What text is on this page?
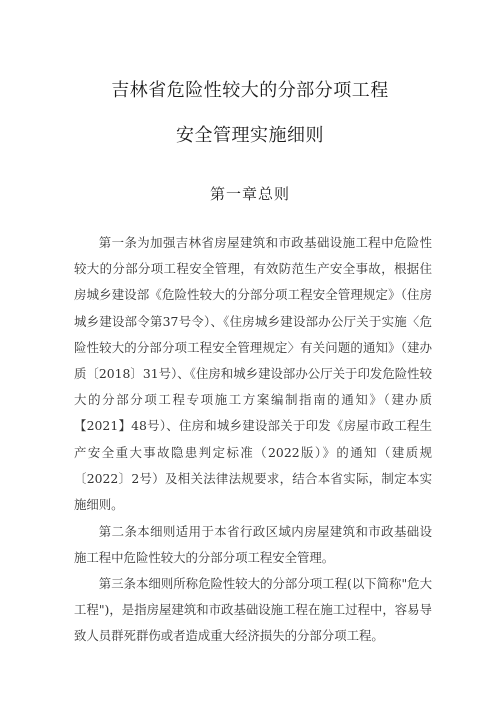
吉林省危险性较大的分部分项工程
安全管理实施细则
第一章总则

第一条为加强吉林省房屋建筑和市政基础设施工程中危险性较大的分部分项工程安全管理，有效防范生产安全事故，根据住房城乡建设部《危险性较大的分部分项工程安全管理规定》（住房城乡建设部令第37号令）、《住房城乡建设部办公厅关于实施〈危险性较大的分部分项工程安全管理规定〉有关问题的通知》（建办质〔2018〕31号）、《住房和城乡建设部办公厅关于印发危险性较大的分部分项工程专项施工方案编制指南的通知》（建办质【2021】48号）、住房和城乡建设部关于印发《房屋市政工程生产安全重大事故隐患判定标准（2022版）》的通知（建质规〔2022〕2号）及相关法律法规要求，结合本省实际，制定本实施细则。

第二条本细则适用于本省行政区域内房屋建筑和市政基础设施工程中危险性较大的分部分项工程安全管理。

第三条本细则所称危险性较大的分部分项工程(以下简称"危大工程")，是指房屋建筑和市政基础设施工程在施工过程中，容易导致人员群死群伤或者造成重大经济损失的分部分项工程。
